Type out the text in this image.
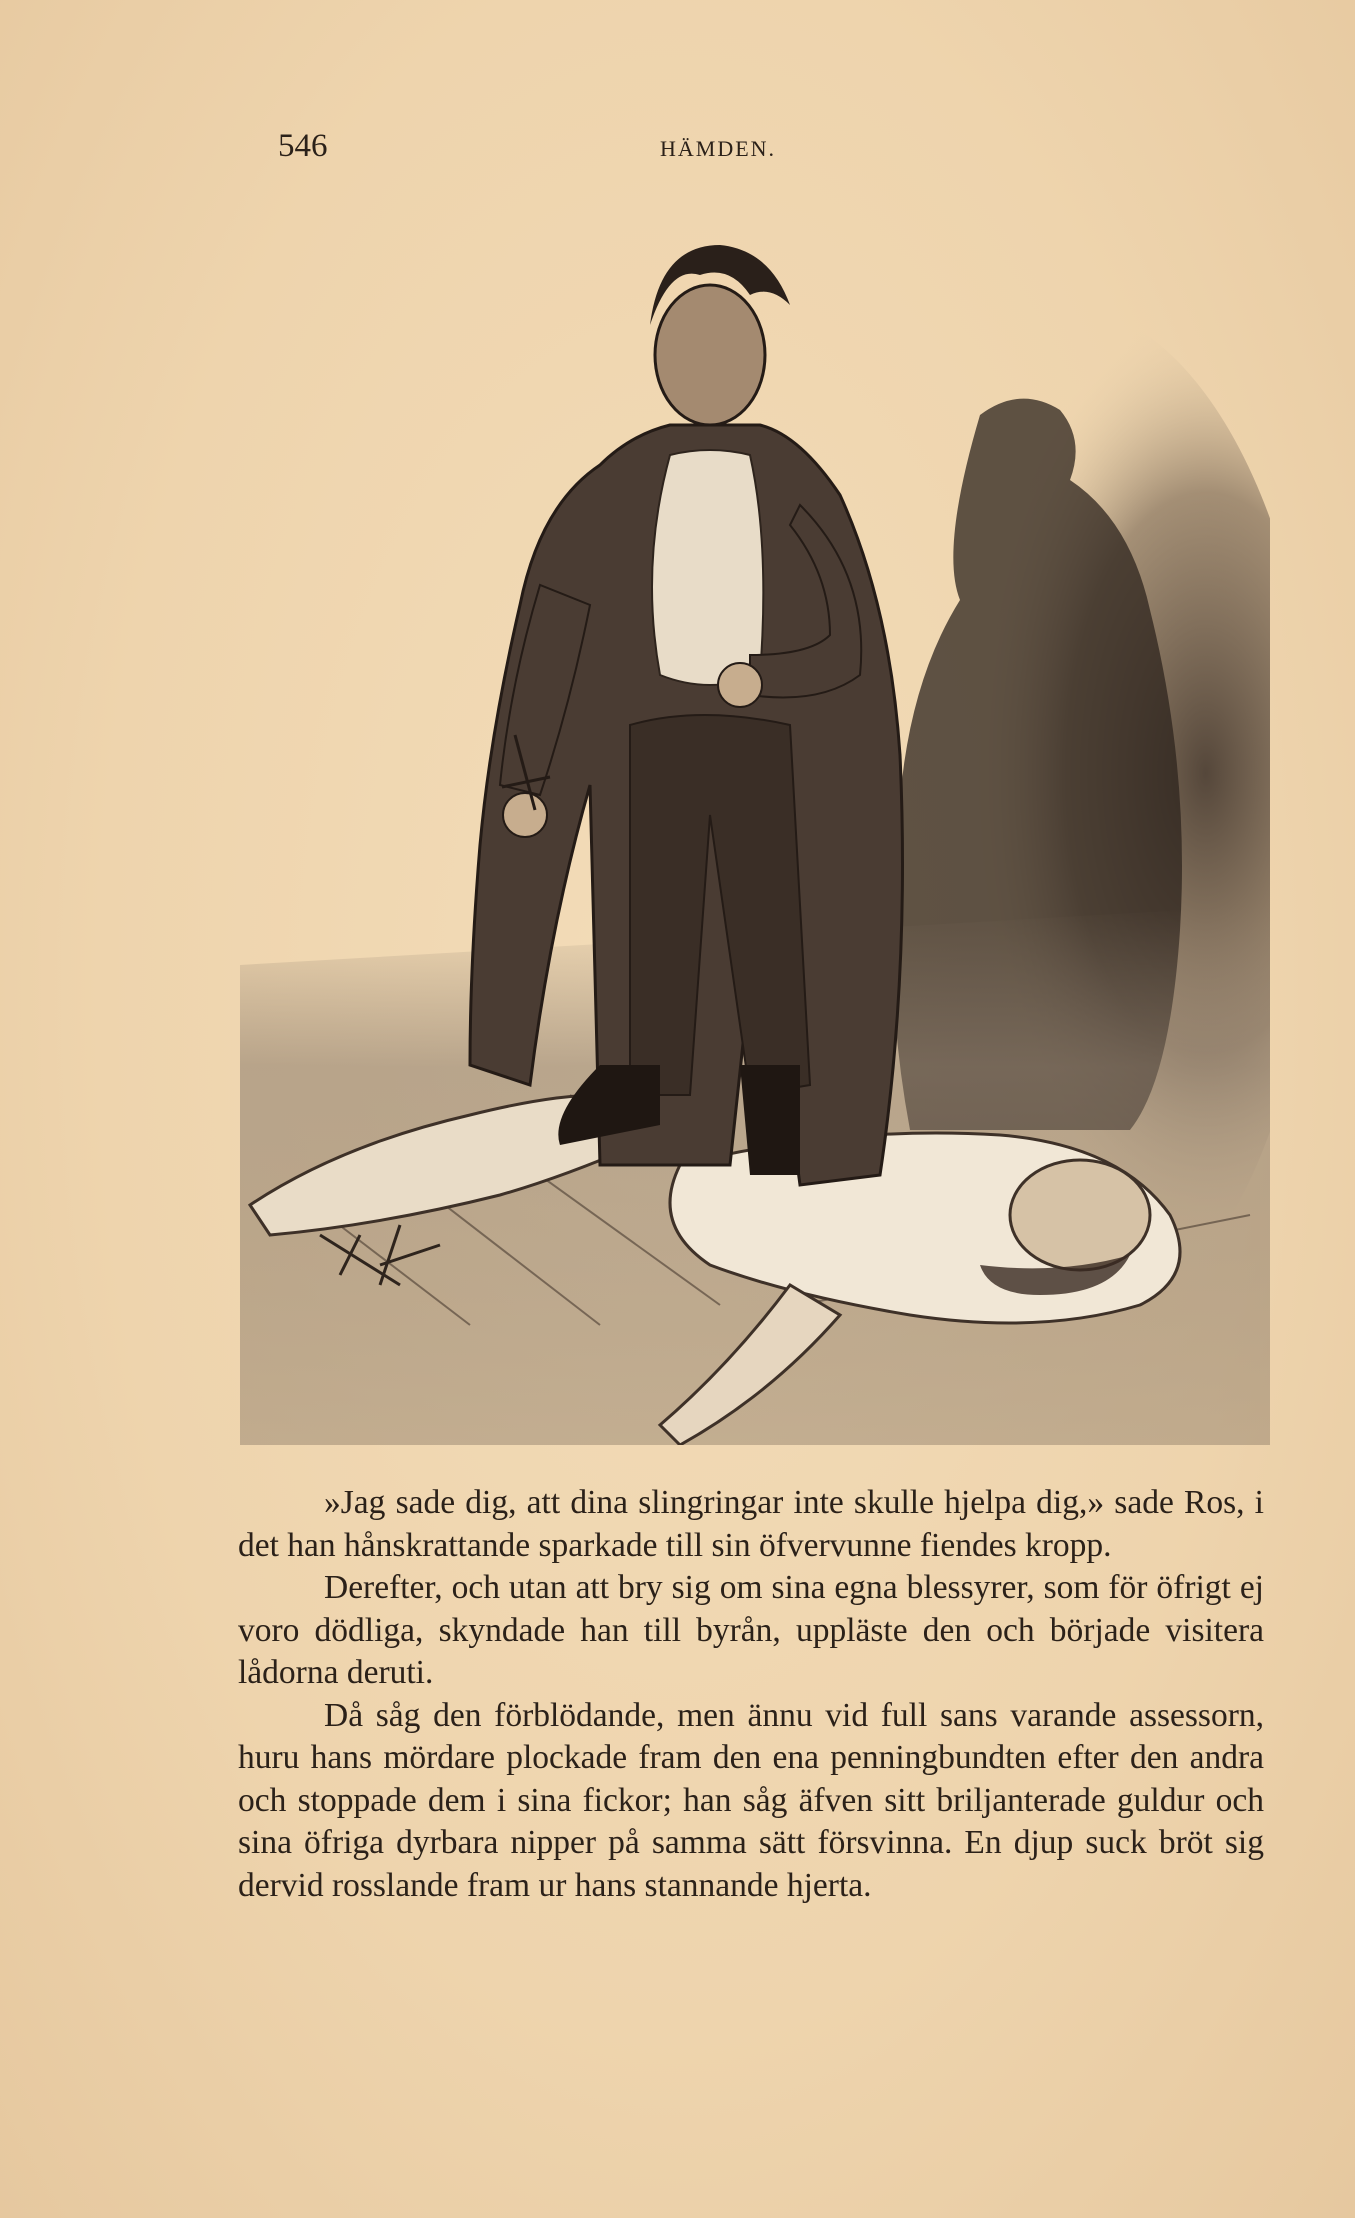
546	HÄMDEN.

»Jag sade dig, att dina slingringar inte skulle hjelpa dig,» sade Ros, i det han hånskrattande sparkade till sin öfvervunne fiendes kropp.

Derefter, och utan att bry sig om sina egna blessyrer, som för öfrigt ej voro dödliga, skyndade han till byrån, uppläste den och började visitera lådorna deruti.

Då såg den förblödande, men ännu vid full sans varande assessorn, huru hans mördare plockade fram den ena penningbundten efter den andra och stoppade dem i sina fickor; han såg äfven sitt briljanterade guldur och sina öfriga dyrbara nipper på samma sätt försvinna. En djup suck bröt sig dervid rosslande fram ur hans stannande hjerta.
